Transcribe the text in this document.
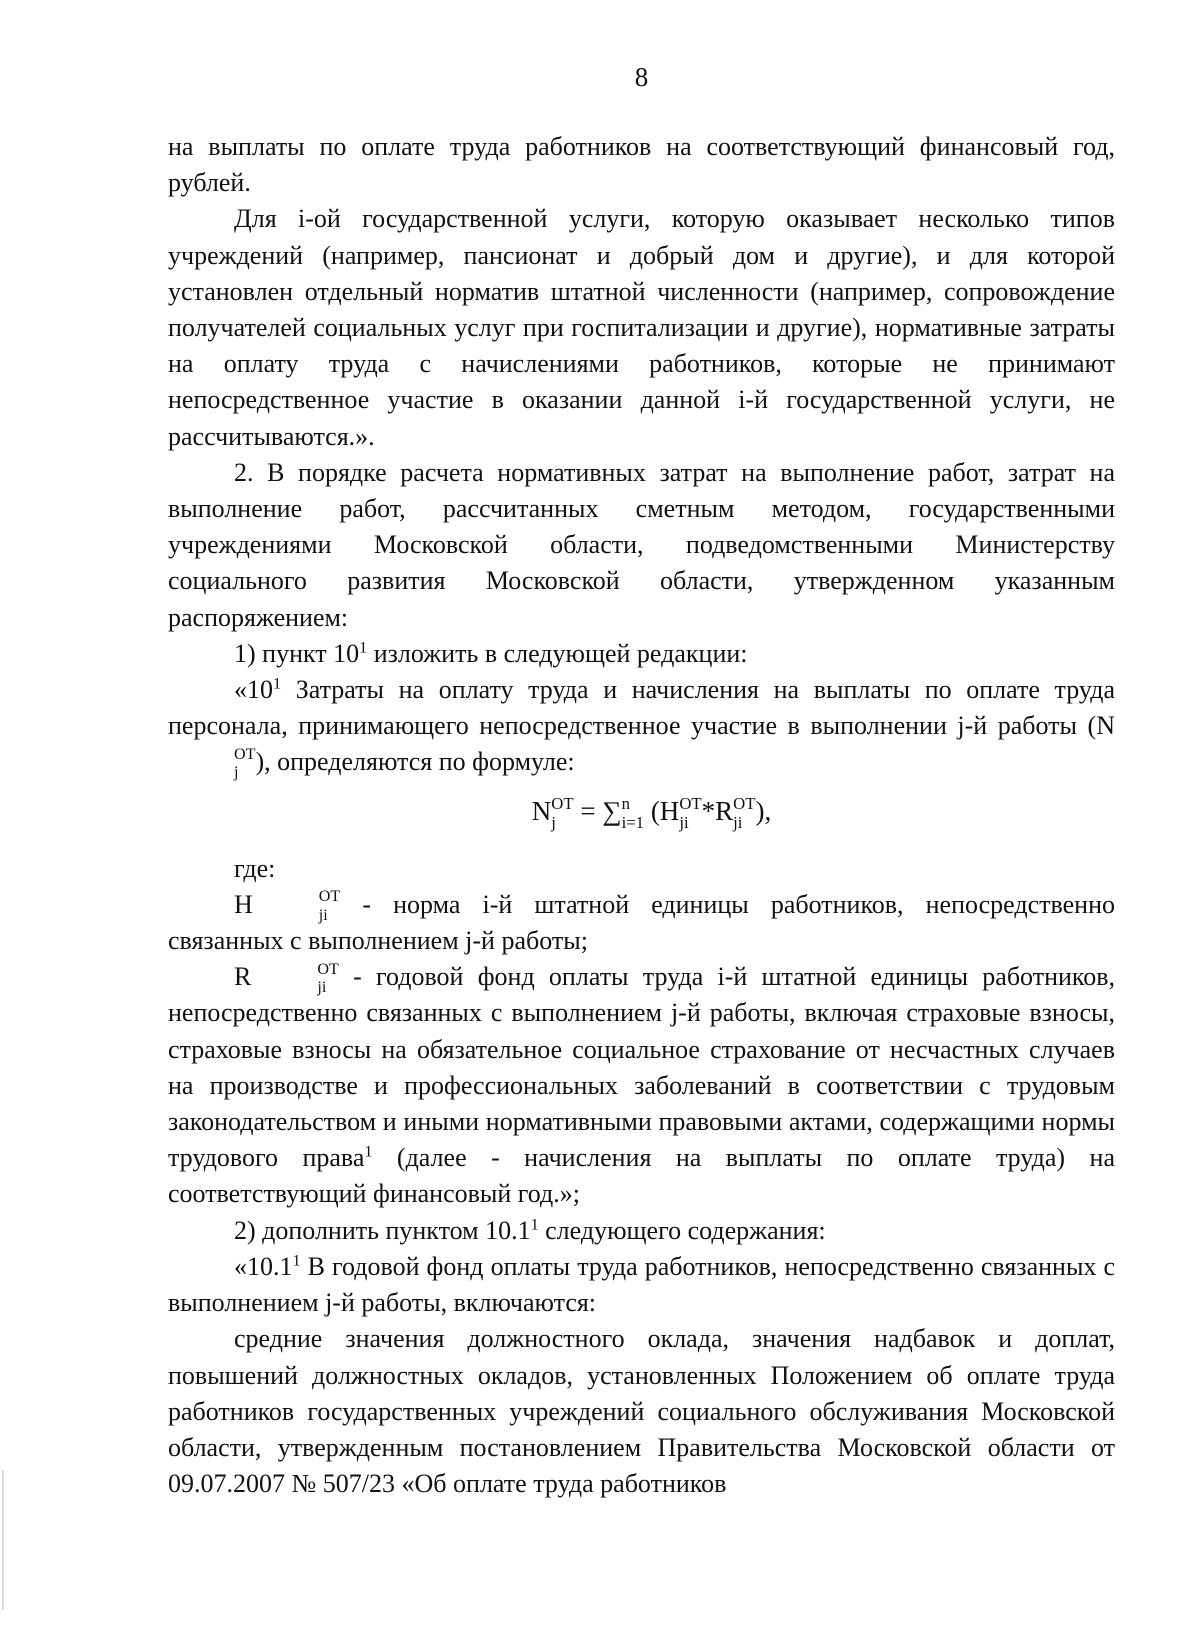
8

на выплаты по оплате труда работников на соответствующий финансовый год, рублей.

Для i-ой государственной услуги, которую оказывает несколько типов учреждений (например, пансионат и добрый дом и другие), и для которой установлен отдельный норматив штатной численности (например, сопровождение получателей социальных услуг при госпитализации и другие), нормативные затраты на оплату труда с начислениями работников, которые не принимают непосредственное участие в оказании данной i-й государственной услуги, не рассчитываются.».

2. В порядке расчета нормативных затрат на выполнение работ, затрат на выполнение работ, рассчитанных сметным методом, государственными учреждениями Московской области, подведомственными Министерству социального развития Московской области, утвержденном указанным распоряжением:

1) пункт $10^1$ изложить в следующей редакции:

«$10^1$ Затраты на оплату труда и начисления на выплаты по оплате труда персонала, принимающего непосредственное участие в выполнении j-й работы (N
OT
j ), определяются по формуле:

N OT
j = ∑ n
i=1 (H OT
ji *R OT
ji ),

где:

H	OT
ji - норма i-й штатной единицы работников, непосредственно связанных с выполнением j-й работы;

R	OT
ji - годовой фонд оплаты труда i-й штатной единицы работников, непосредственно связанных с выполнением j-й работы, включая страховые взносы, страховые взносы на обязательное социальное страхование от несчастных случаев на производстве и профессиональных заболеваний в соответствии с трудовым законодательством и иными нормативными правовыми актами, содержащими нормы трудового права$^1$ (далее - начисления на выплаты по оплате труда) на соответствующий финансовый год.»;

2) дополнить пунктом 10.1$^1$ следующего содержания:

«10.1$^1$ В годовой фонд оплаты труда работников, непосредственно связанных с выполнением j-й работы, включаются:

средние значения должностного оклада, значения надбавок и доплат, повышений должностных окладов, установленных Положением об оплате труда работников государственных учреждений социального обслуживания Московской области, утвержденным постановлением Правительства Московской области от 09.07.2007 № 507/23 «Об оплате труда работников
